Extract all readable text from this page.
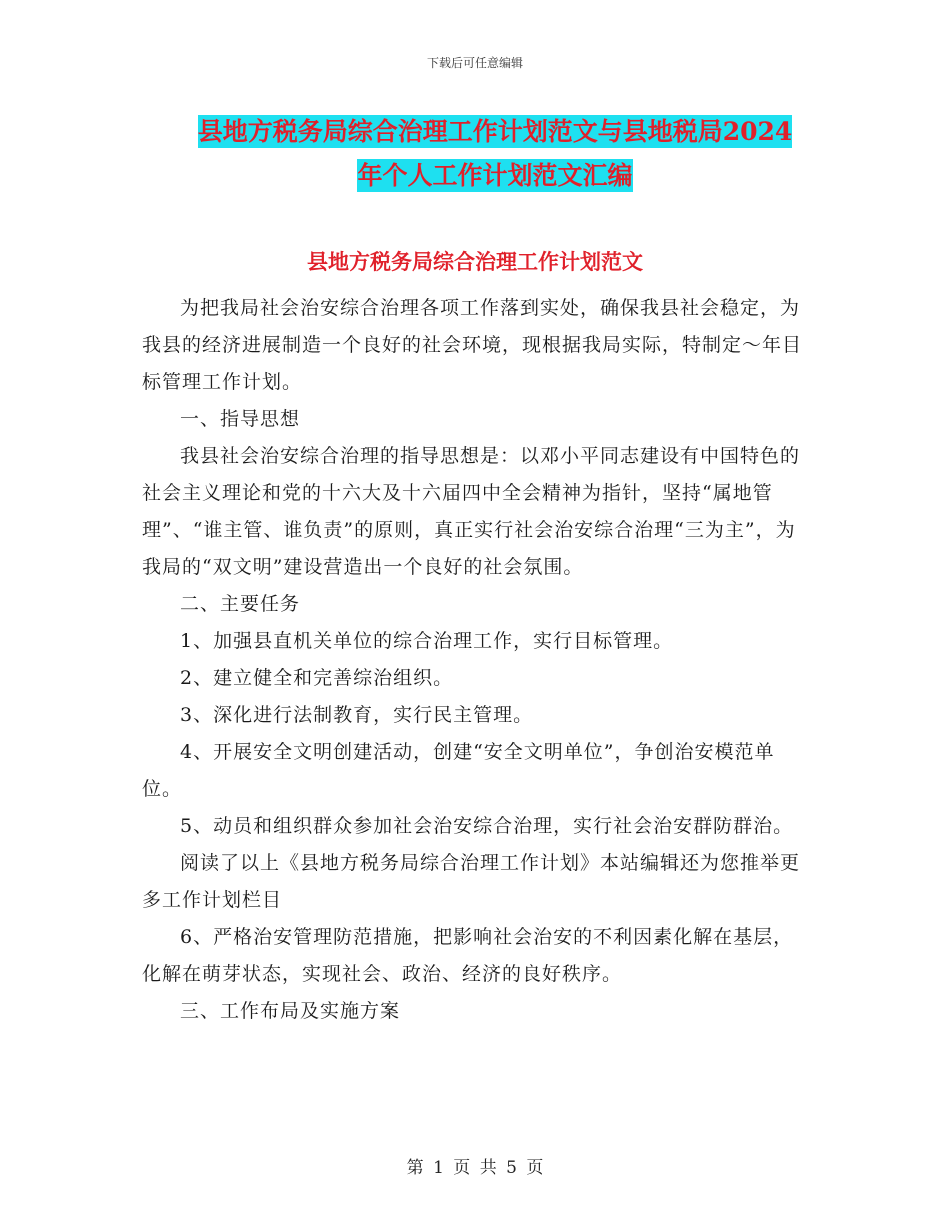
下载后可任意编辑
县地方税务局综合治理工作计划范文与县地税局2024
年个人工作计划范文汇编
县地方税务局综合治理工作计划范文

为把我局社会治安综合治理各项工作落到实处，确保我县社会稳定，为我县的经济进展制造一个良好的社会环境，现根据我局实际，特制定～年目标管理工作计划。

一、指导思想

我县社会治安综合治理的指导思想是：以邓小平同志建设有中国特色的社会主义理论和党的十六大及十六届四中全会精神为指针，坚持“属地管理”、“谁主管、谁负责”的原则，真正实行社会治安综合治理“三为主”，为我局的“双文明”建设营造出一个良好的社会氛围。

二、主要任务

1、加强县直机关单位的综合治理工作，实行目标管理。

2、建立健全和完善综治组织。

3、深化进行法制教育，实行民主管理。

4、开展安全文明创建活动，创建“安全文明单位”，争创治安模范单位。

5、动员和组织群众参加社会治安综合治理，实行社会治安群防群治。

阅读了以上《县地方税务局综合治理工作计划》本站编辑还为您推举更多工作计划栏目

6、严格治安管理防范措施，把影响社会治安的不利因素化解在基层，化解在萌芽状态，实现社会、政治、经济的良好秩序。

三、工作布局及实施方案

第 1 页 共 5 页
